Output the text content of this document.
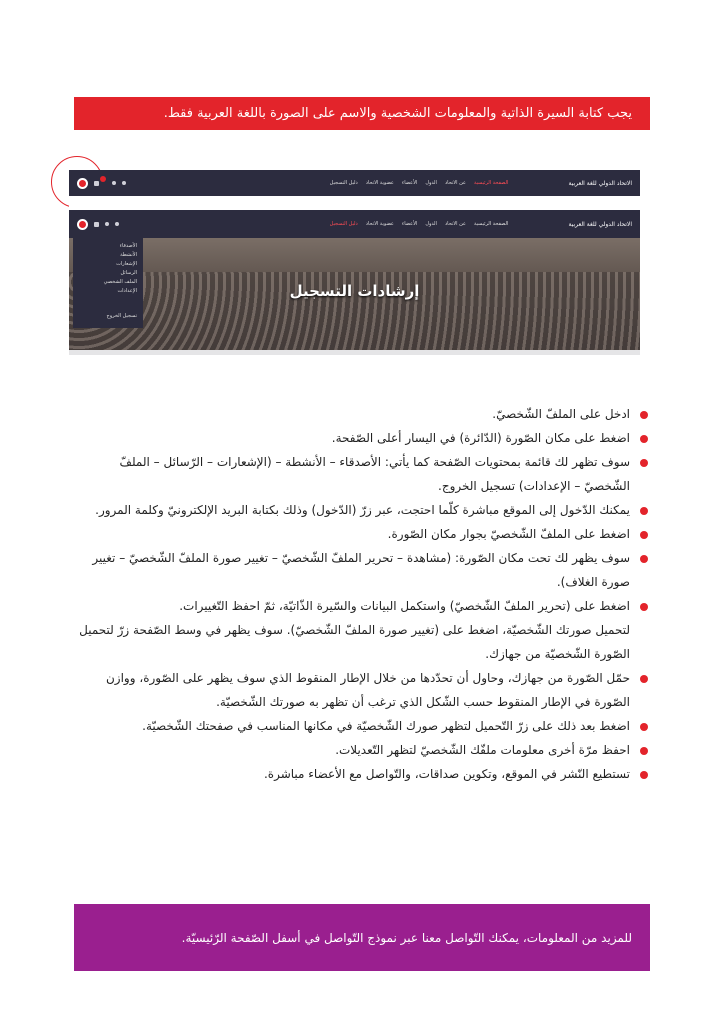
يجب كتابة السيرة الذاتية والمعلومات الشخصية والاسم على الصورة باللغة العربية فقط.
الاتحاد الدولي للغة العربية
الصفحة الرئيسية
عن الاتحاد
الدول
الأعضاء
عضوية الاتحاد
دليل التسجيل
الاتحاد الدولي للغة العربية
الصفحة الرئيسية
عن الاتحاد
الدول
الأعضاء
عضوية الاتحاد
دليل التسجيل
إرشادات التسجيل
الأصدقاء
الأنشطة
الإشعارات
الرسائل
الملف الشخصي
الإعدادات
تسجيل الخروج

ادخل على الملفّ الشّخصيّ.

اضغط على مكان الصّورة (الدّائرة) في اليسار أعلى الصّفحة.

سوف تظهر لك قائمة بمحتويات الصّفحة كما يأتي: الأصدقاء – الأنشطة – (الإشعارات – الرّسائل – الملفّ الشّخصيّ – الإعدادات) تسجيل الخروج.

يمكنك الدّخول إلى الموقع مباشرة كلّما احتجت، عبر زرّ (الدّخول) وذلك بكتابة البريد الإلكترونيّ وكلمة المرور.

اضغط على الملفّ الشّخصيّ بجوار مكان الصّورة.

سوف يظهر لك تحت مكان الصّورة: (مشاهدة – تحرير الملفّ الشّخصيّ – تغيير صورة الملفّ الشّخصيّ – تغيير صورة الغلاف).

اضغط على (تحرير الملفّ الشّخصيّ) واستكمل البيانات والسّيرة الذّاتيّة، ثمّ احفظ التّغييرات.

لتحميل صورتك الشّخصيّة، اضغط على (تغيير صورة الملفّ الشّخصيّ). سوف يظهر في وسط الصّفحة زرّ لتحميل الصّورة الشّخصيّة من جهازك.

حمّل الصّورة من جهازك، وحاول أن تحدّدها من خلال الإطار المنقوط الذي سوف يظهر على الصّورة، ووازن الصّورة في الإطار المنقوط حسب الشّكل الذي ترغب أن تظهر به صورتك الشّخصيّة.

اضغط بعد ذلك على زرّ التّحميل لتظهر صورك الشّخصيّة في مكانها المناسب في صفحتك الشّخصيّة.

احفظ مرّة أخرى معلومات ملفّك الشّخصيّ لتظهر التّعديلات.

تستطيع النّشر في الموقع، وتكوين صداقات، والتّواصل مع الأعضاء مباشرة.

للمزيد من المعلومات، يمكنك التّواصل معنا عبر نموذج التّواصل في أسفل الصّفحة الرّئيسيّة.
